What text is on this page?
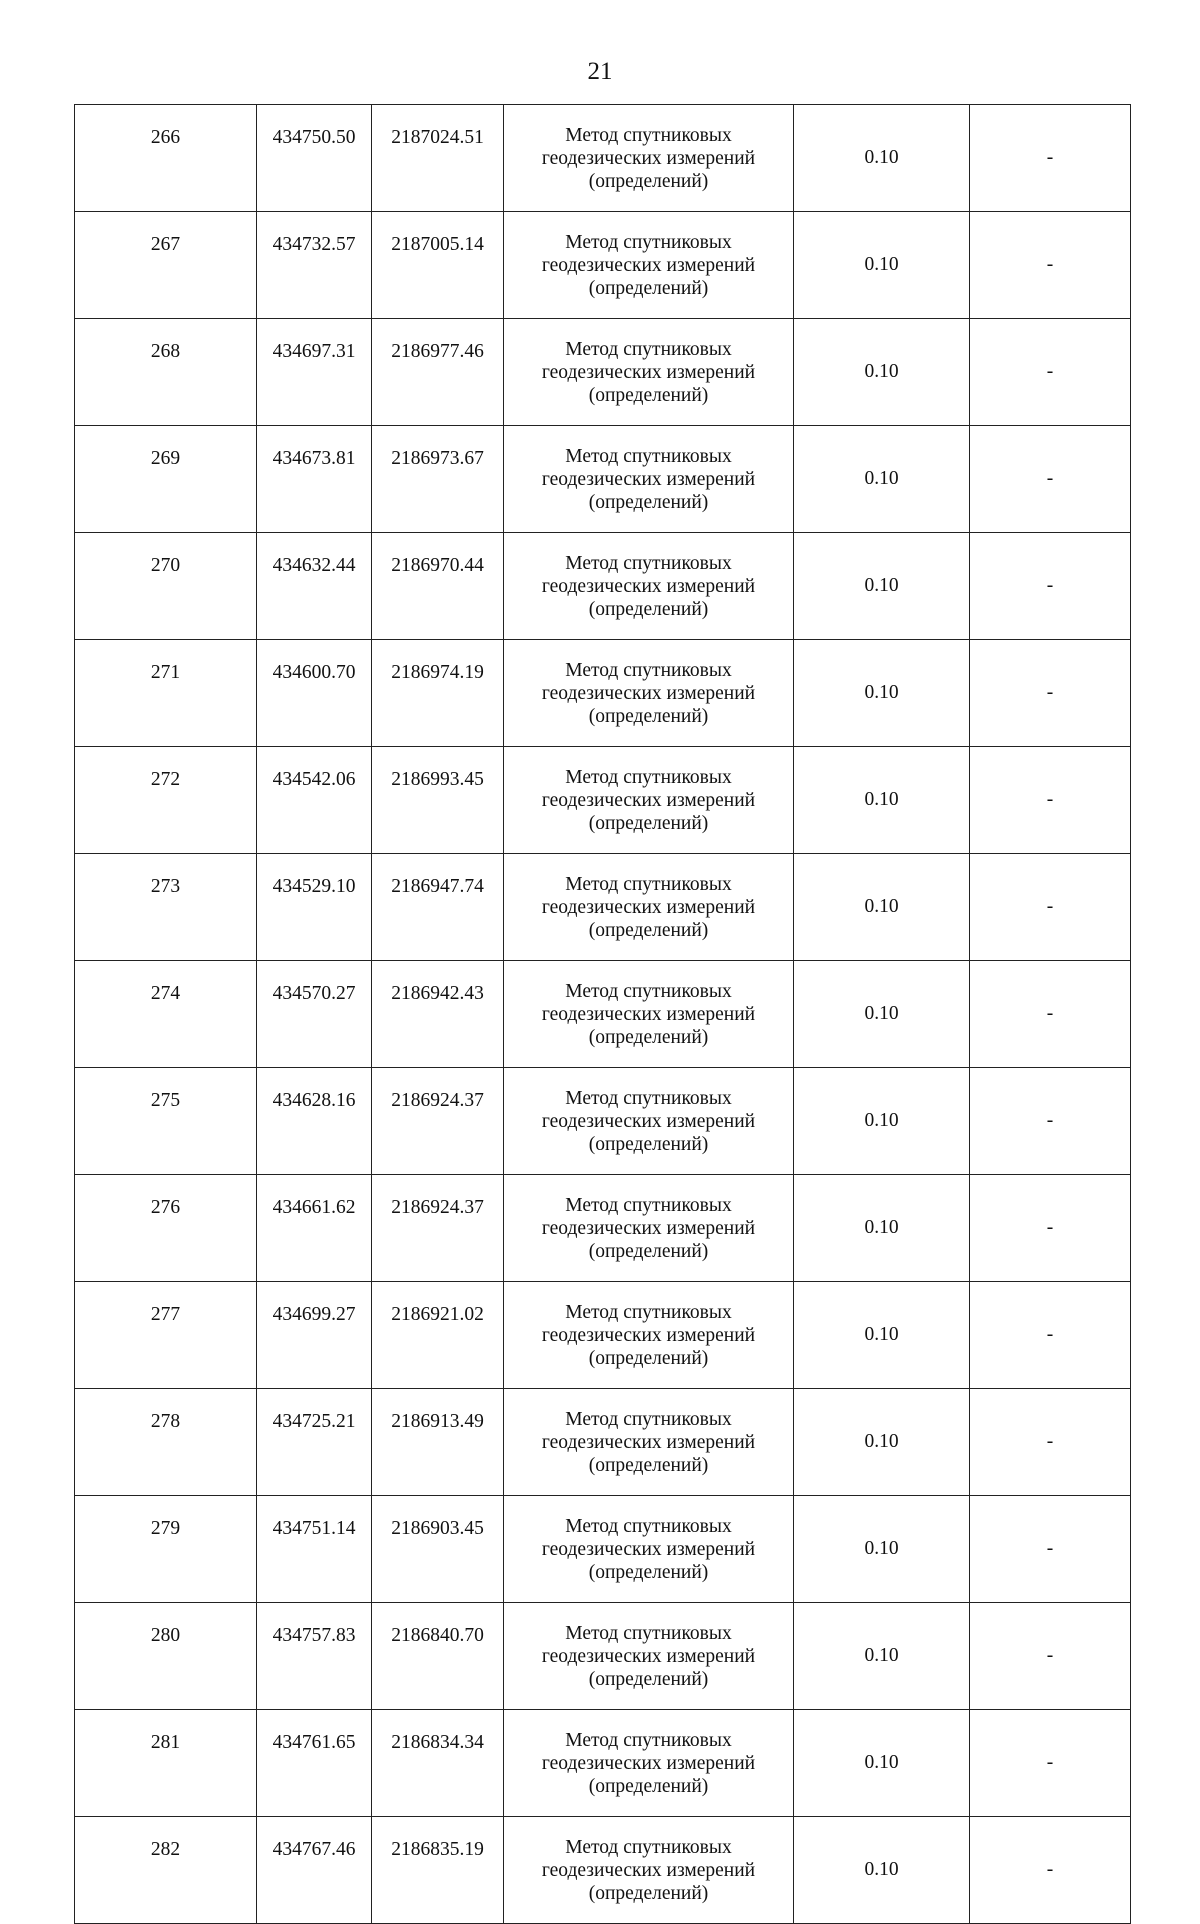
21
266	434750.50	2187024.51	Метод спутниковых
геодезических измерений
(определений)	0.10	-
267	434732.57	2187005.14	Метод спутниковых
геодезических измерений
(определений)	0.10	-
268	434697.31	2186977.46	Метод спутниковых
геодезических измерений
(определений)	0.10	-
269	434673.81	2186973.67	Метод спутниковых
геодезических измерений
(определений)	0.10	-
270	434632.44	2186970.44	Метод спутниковых
геодезических измерений
(определений)	0.10	-
271	434600.70	2186974.19	Метод спутниковых
геодезических измерений
(определений)	0.10	-
272	434542.06	2186993.45	Метод спутниковых
геодезических измерений
(определений)	0.10	-
273	434529.10	2186947.74	Метод спутниковых
геодезических измерений
(определений)	0.10	-
274	434570.27	2186942.43	Метод спутниковых
геодезических измерений
(определений)	0.10	-
275	434628.16	2186924.37	Метод спутниковых
геодезических измерений
(определений)	0.10	-
276	434661.62	2186924.37	Метод спутниковых
геодезических измерений
(определений)	0.10	-
277	434699.27	2186921.02	Метод спутниковых
геодезических измерений
(определений)	0.10	-
278	434725.21	2186913.49	Метод спутниковых
геодезических измерений
(определений)	0.10	-
279	434751.14	2186903.45	Метод спутниковых
геодезических измерений
(определений)	0.10	-
280	434757.83	2186840.70	Метод спутниковых
геодезических измерений
(определений)	0.10	-
281	434761.65	2186834.34	Метод спутниковых
геодезических измерений
(определений)	0.10	-
282	434767.46	2186835.19	Метод спутниковых
геодезических измерений
(определений)	0.10	-
